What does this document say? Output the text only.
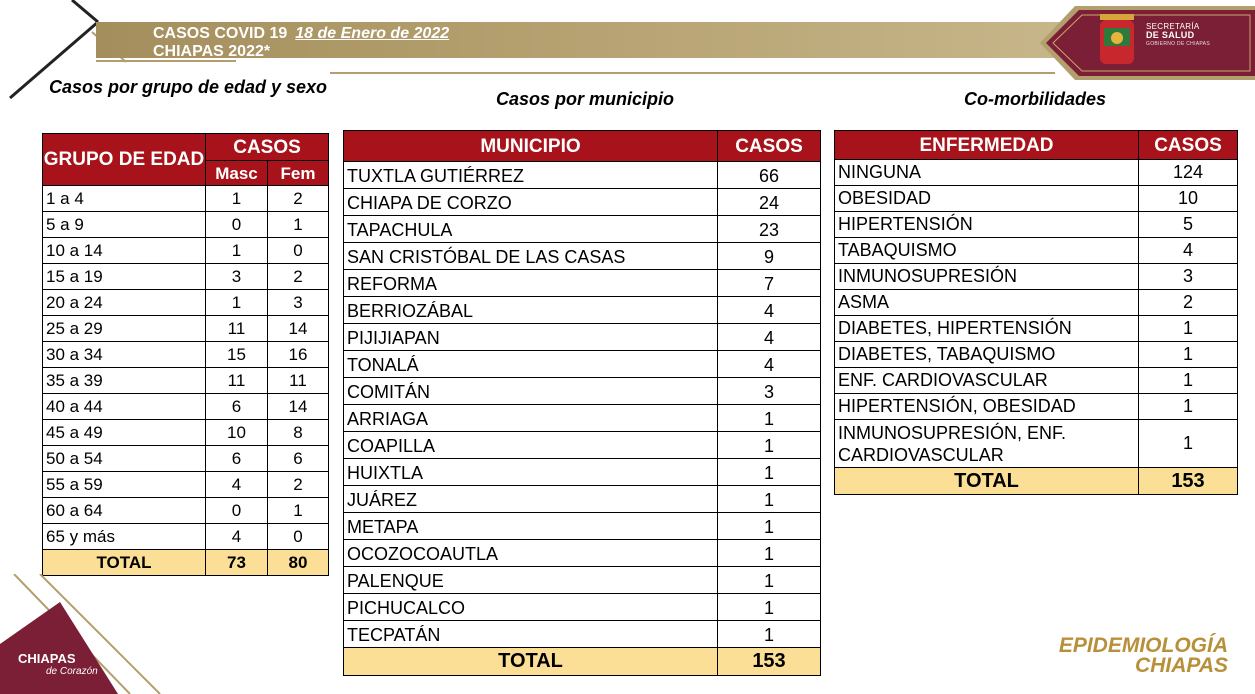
CASOS COVID 19 18 de Enero de 2022
CHIAPAS 2022*
SECRETARÍA
DE SALUD
GOBIERNO DE CHIAPAS
Casos por grupo de edad y sexo
Casos por municipio	Co-morbilidades
GRUPO DE EDAD	CASOS	
	Masc	Fem
1 a 4	1	2
5 a 9	0	1
10 a 14	1	0
15 a 19	3	2
20 a 24	1	3
25 a 29	11	14
30 a 34	15	16
35 a 39	11	11
40 a 44	6	14
45 a 49	10	8
50 a 54	6	6
55 a 59	4	2
60 a 64	0	1
65 y más	4	0
TOTAL	73	80
MUNICIPIO	CASOS
TUXTLA GUTIÉRREZ	66
CHIAPA DE CORZO	24
TAPACHULA	23
SAN CRISTÓBAL DE LAS CASAS	9
REFORMA	7
BERRIOZÁBAL	4
PIJIJIAPAN	4
TONALÁ	4
COMITÁN	3
ARRIAGA	1
COAPILLA	1
HUIXTLA	1
JUÁREZ	1
METAPA	1
OCOZOCOAUTLA	1
PALENQUE	1
PICHUCALCO	1
TECPATÁN	1
TOTAL	153
ENFERMEDAD	CASOS
NINGUNA	124
OBESIDAD	10
HIPERTENSIÓN	5
TABAQUISMO	4
INMUNOSUPRESIÓN	3
ASMA	2
DIABETES, HIPERTENSIÓN	1
DIABETES, TABAQUISMO	1
ENF. CARDIOVASCULAR	1
HIPERTENSIÓN, OBESIDAD	1
INMUNOSUPRESIÓN, ENF. CARDIOVASCULAR	1
TOTAL	153
CHIAPAS
de Corazón
EPIDEMIOLOGÍA
CHIAPAS
